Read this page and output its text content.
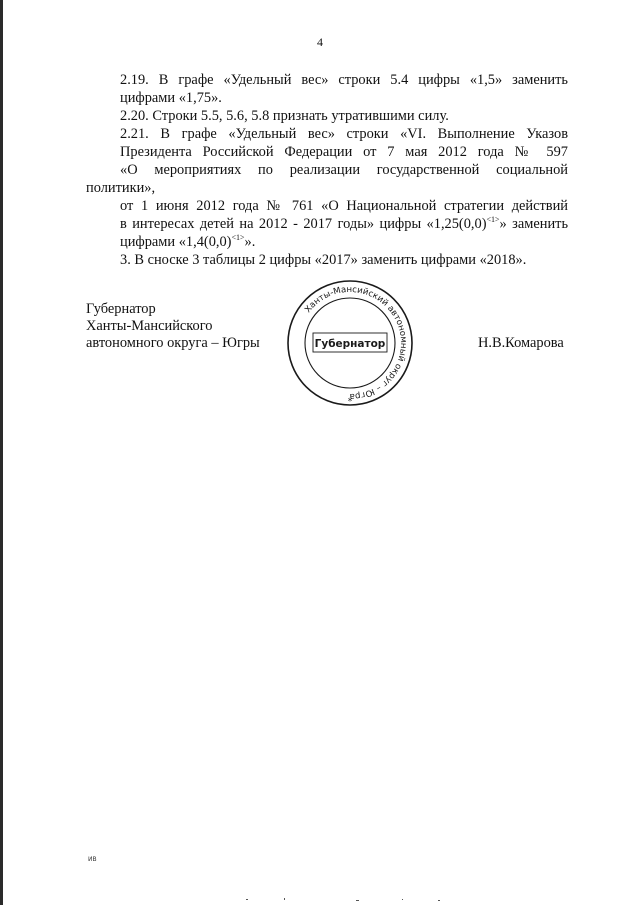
4

2.19. В графе «Удельный вес» строки 5.4 цифры «1,5» заменить
цифрами «1,75».

2.20. Строки 5.5, 5.6, 5.8 признать утратившими силу.

2.21. В графе «Удельный вес» строки «VI. Выполнение Указов
Президента Российской Федерации от 7 мая 2012 года № 597
«О мероприятиях по реализации государственной социальной политики»,
от 1 июня 2012 года № 761 «О Национальной стратегии действий
в интересах детей на 2012 - 2017 годы» цифры «1,25(0,0)$^{<1>}$» заменить
цифрами «1,4(0,0)$^{<1>}$».

3. В сноске 3 таблицы 2 цифры «2017» заменить цифрами «2018».

Губернатор
Ханты-Мансийского
автономного округа – Югры
Ханты-Мансийский автономный округ – Югра
Губернатор
*
Н.В.Комарова
ИВ
